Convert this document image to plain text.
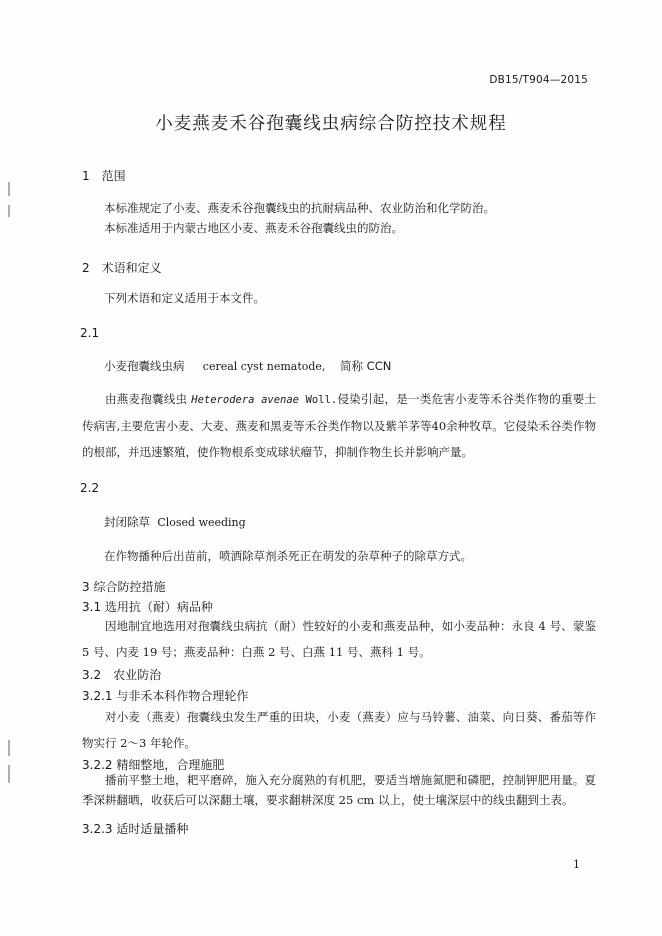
DB15/T904—2015
小麦燕麦禾谷孢囊线虫病综合防控技术规程
1　范围
本标准规定了小麦、燕麦禾谷孢囊线虫的抗耐病品种、农业防治和化学防治。
本标准适用于内蒙古地区小麦、燕麦禾谷孢囊线虫的防治。
2　术语和定义
下列术语和定义适用于本文件。
2.1
小麦孢囊线虫病 cereal cyst nematode, 简称 CCN
由燕麦孢囊线虫 Heterodera avenae Woll.侵染引起，是一类危害小麦等禾谷类作物的重要土传病害,主要危害小麦、大麦、燕麦和黑麦等禾谷类作物以及紫羊茅等40余种牧草。它侵染禾谷类作物的根部，并迅速繁殖，使作物根系变成球状瘤节，抑制作物生长并影响产量。
2.2
封闭除草 Closed weeding
在作物播种后出苗前，喷洒除草剂杀死正在萌发的杂草种子的除草方式。
3 综合防控措施
3.1 选用抗（耐）病品种
因地制宜地选用对孢囊线虫病抗（耐）性较好的小麦和燕麦品种，如小麦品种：永良 4 号、蒙鉴 5 号、内麦 19 号；燕麦品种：白燕 2 号、白燕 11 号、燕科 1 号。
3.2　农业防治
3.2.1 与非禾本科作物合理轮作
对小麦（燕麦）孢囊线虫发生严重的田块，小麦（燕麦）应与马铃薯、油菜、向日葵、番茄等作物实行 2～3 年轮作。
3.2.2 精细整地，合理施肥
播前平整土地，耙平磨碎，施入充分腐熟的有机肥，要适当增施氮肥和磷肥，控制钾肥用量。夏季深耕翻晒，收获后可以深翻土壤，要求翻耕深度 25 cm 以上，使土壤深层中的线虫翻到土表。
3.2.3 适时适量播种
1
